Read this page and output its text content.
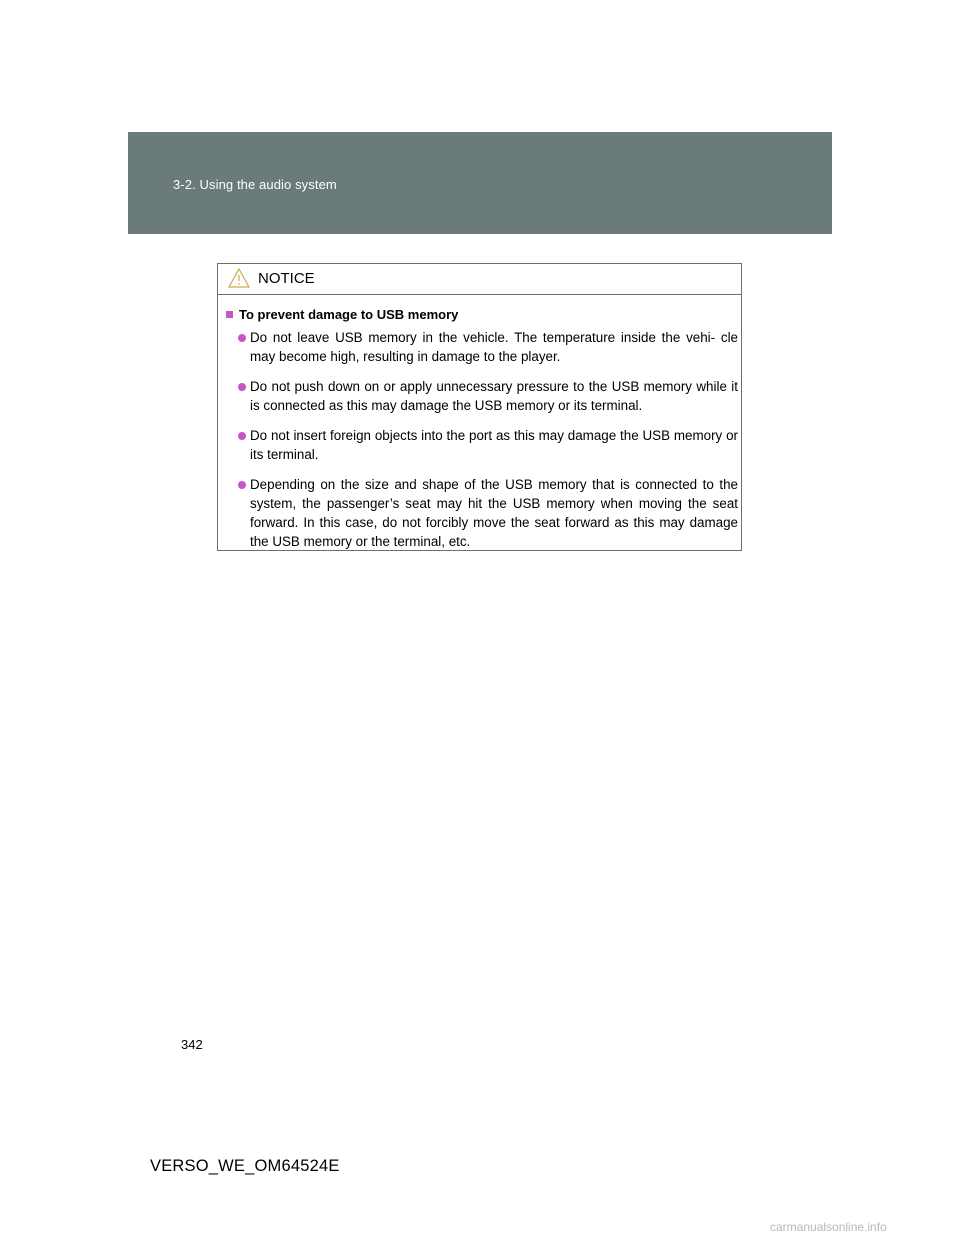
3-2. Using the audio system
NOTICE
To prevent damage to USB memory
Do not leave USB memory in the vehicle. The temperature inside the vehi- cle may become high, resulting in damage to the player.
Do not push down on or apply unnecessary pressure to the USB memory while it is connected as this may damage the USB memory or its terminal.
Do not insert foreign objects into the port as this may damage the USB memory or its terminal.
Depending on the size and shape of the USB memory that is connected to the system, the passenger’s seat may hit the USB memory when moving the seat forward. In this case, do not forcibly move the seat forward as this may damage the USB memory or the terminal, etc.
342
VERSO_WE_OM64524E
carmanualsonline.info
